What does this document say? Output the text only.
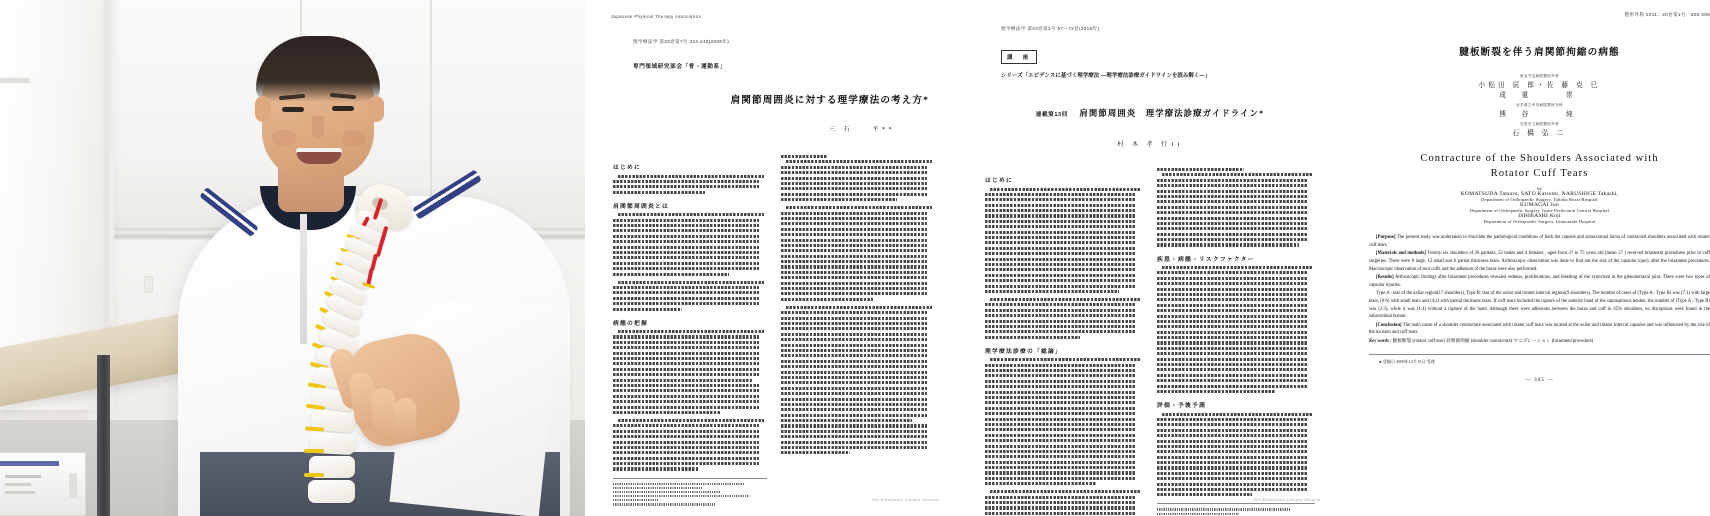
Japanese Physical Therapy Association
理学療法学 第33巻第7号 324-248(2006年)
専門領域研究部会「骨・運動系」
肩関節周囲炎に対する理学療法の考え方*
三 石 　 平**
はじめに
肩関節周囲炎とは
病態の把握
NII-Electronic Library Service
理学療法学 第43巻第1号 67〜72頁(2016年)
講　座
シリーズ「エビデンスに基づく理学療法 ―理学療法診療ガイドラインを読み解く―」
連載第13回 肩関節周囲炎　理学療法診療ガイドライン*
村 木 孝 行1)
はじめに
理学療法診療の「総論」
疾患・病態・リスクファクター
評価・予後予測
NII-Electronic Library Service
整形外科 2011；20巻第1号：305-309
腱板断裂を伴う肩関節拘縮の病態
東北労災病院整形外科
小松田 辰 郎・佐 藤 克 巳
成 重 　 崇
岩手県立中央病院整形外科
熊 谷 　 純
石巻市立病院整形外科
石 橋 弘 二
Contracture of the Shoulders Associated with
Rotator Cuff Tears
by
KOMATSUDA Tatsuro, SATO Katsumi, NARUSHIGE Takashi,
Department of Orthopaedic Surgery, Tohoku Rosai Hospital
KUMAGAI Jun
Department of Orthopaedic Surgery, Iwate Prefectural Central Hospital
ISHIBASHI Koji
Department of Orthopaedic Surgery, Ishinomaki Hospital
[Purpose] The present study was undertaken to elucidate the pathological conditions of both the capsule and subacromial bursa of contracted shoulders associated with rotator cuff tears.
[Materials and methods] Twenty-six shoulders of 26 patients, 22 males and 4 females , aged from 37 to 75 years old (mean 57 ) received briasment procedures prior to cuff surgeries. There were 8 large, 12 small and 6 partial thickness tears. Arthroscopic observation was done to find out the size of the capsular injury after the briasment procedures. Macroscopic observation of torn cuffs and the adhesion of the bursa were also performed.
[Results] Arthroscopic findings after briasment procedures revealed redness, proliferations, and bleeding of the synovium in the glenohumeral joint. There were two types of capsular injuries.
Type A : tear of the axilar region(17 shoulders), Type B: tear of the axilar and rotator interval regions(9 shoulders). The number of cases of (Type A : Type B) was (7:1) with large tears, (0:6) with small tears and (4:2) with partial thickness tears. If cuff tears included the rupture of the anterior band of the supraspinous tendon, the number of (Type A : Type B) was (2:3), while it was (1:4) without a rupture of the band. Although there were adhesions between the bursa and cuff in 65% shoulders, no disruptions were found in the subacromial bursae.
[Conclusion] The main cause of a shoulder contracture associated with rotator cuff tears was located at the axilar and rotator interval capsules and was influenced by the size of the incision and cuff tears.
Key words : 腱板断裂 (rotator cuff tear) 肩関節拘縮 (shoulder contracture) マニプレーション (briasment procedure)
● 受稿日 2009年12月15日 受理
— 305 —
